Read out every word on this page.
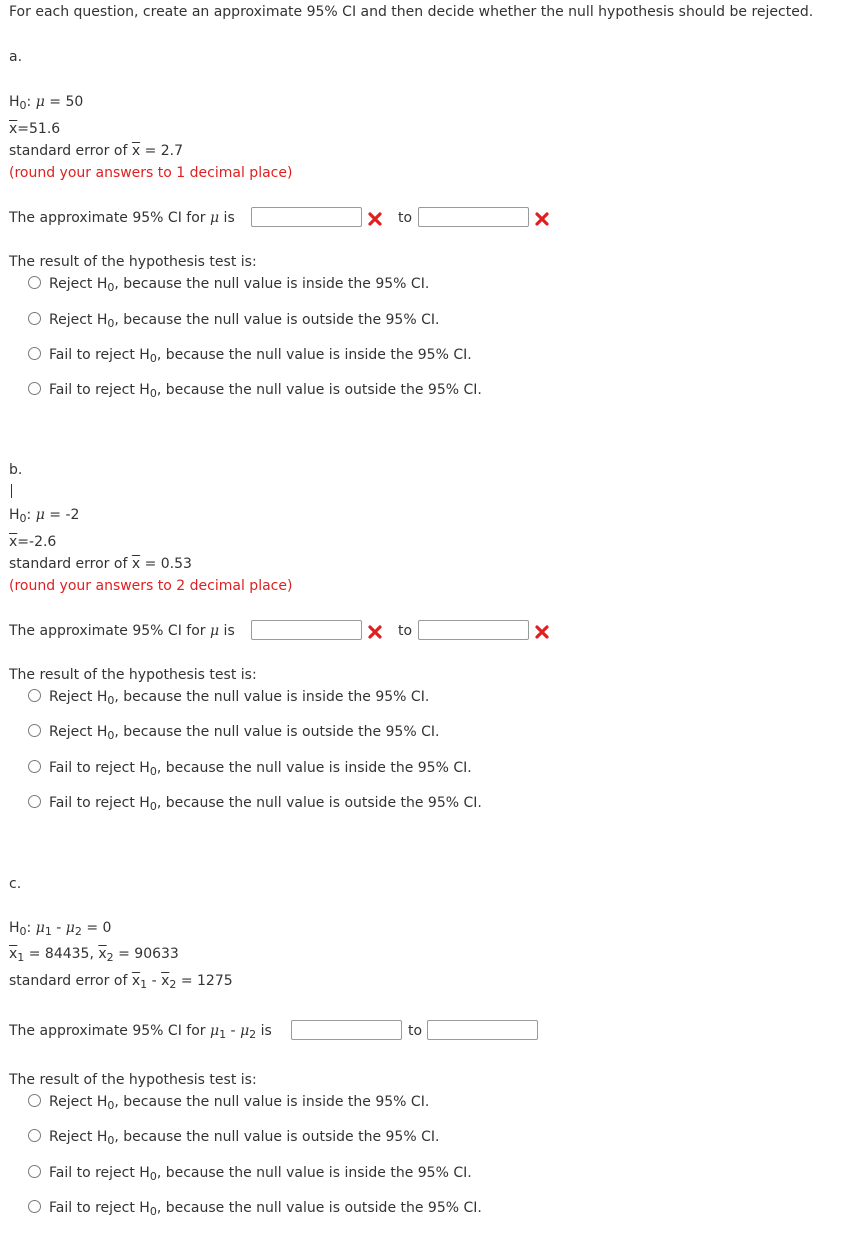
For each question, create an approximate 95% CI and then decide whether the null hypothesis should be rejected.
a.
$H_0$: μ = 50
$\overline{x}=51.6$
standard error of $\overline{x} = 2.7$
(round your answers to 1 decimal place)
The approximate 95% CI for μ is	to
The result of the hypothesis test is:
Reject $H_0$, because the null value is inside the 95% CI.
Reject $H_0$, because the null value is outside the 95% CI.
Fail to reject $H_0$, because the null value is inside the 95% CI.
Fail to reject $H_0$, because the null value is outside the 95% CI.
b.
$H_0$: μ = -2
$\overline{x}=-2.6$
standard error of $\overline{x} = 0.53$
(round your answers to 2 decimal place)
The approximate 95% CI for μ is	to
The result of the hypothesis test is:
Reject $H_0$, because the null value is inside the 95% CI.
Reject $H_0$, because the null value is outside the 95% CI.
Fail to reject $H_0$, because the null value is inside the 95% CI.
Fail to reject $H_0$, because the null value is outside the 95% CI.
c.
$H_0$: $\mu_1 - \mu_2 = 0$
$\overline{x}_1 = 84435$, $\overline{x}_2 = 90633$
standard error of $\overline{x}_1 - \overline{x}_2 = 1275$
The approximate 95% CI for $\mu_1 - \mu_2$ is	to
The result of the hypothesis test is:
Reject $H_0$, because the null value is inside the 95% CI.
Reject $H_0$, because the null value is outside the 95% CI.
Fail to reject $H_0$, because the null value is inside the 95% CI.
Fail to reject $H_0$, because the null value is outside the 95% CI.
